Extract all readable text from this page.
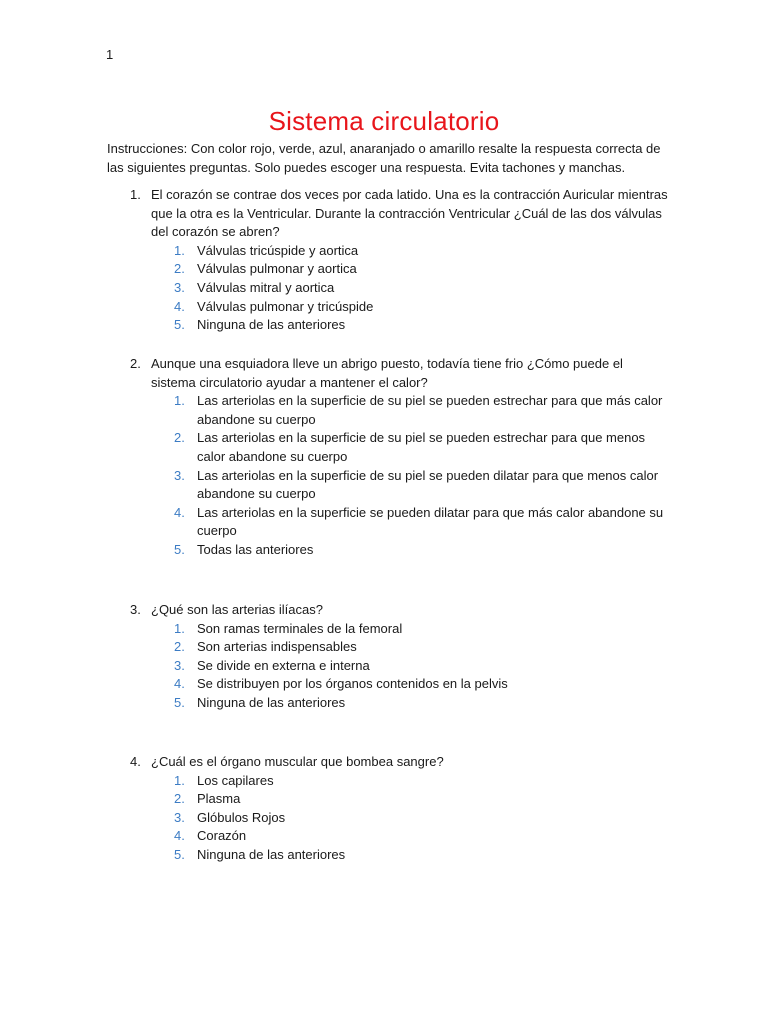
1
Sistema circulatorio
Instrucciones: Con color rojo, verde, azul, anaranjado o amarillo resalte la respuesta correcta de las siguientes preguntas. Solo puedes escoger una respuesta. Evita tachones y manchas.
1. El corazón se contrae dos veces por cada latido. Una es la contracción Auricular mientras que la otra es la Ventricular. Durante la contracción Ventricular ¿Cuál de las dos válvulas del corazón se abren?
1. Válvulas tricúspide y aortica
2. Válvulas pulmonar y aortica
3. Válvulas mitral y aortica
4. Válvulas pulmonar y tricúspide
5. Ninguna de las anteriores
2. Aunque una esquiadora lleve un abrigo puesto, todavía tiene frio ¿Cómo puede el sistema circulatorio ayudar a mantener el calor?
1. Las arteriolas en la superficie de su piel se pueden estrechar para que más calor abandone su cuerpo
2. Las arteriolas en la superficie de su piel se pueden estrechar para que menos calor abandone su cuerpo
3. Las arteriolas en la superficie de su piel se pueden dilatar para que menos calor abandone su cuerpo
4. Las arteriolas en la superficie se pueden dilatar para que más calor abandone su cuerpo
5. Todas las anteriores
3. ¿Qué son las arterias ilíacas?
1. Son ramas terminales de la femoral
2. Son arterias indispensables
3. Se divide en externa e interna
4. Se distribuyen por los órganos contenidos en la pelvis
5. Ninguna de las anteriores
4. ¿Cuál es el órgano muscular que bombea sangre?
1. Los capilares
2. Plasma
3. Glóbulos Rojos
4. Corazón
5. Ninguna de las anteriores
